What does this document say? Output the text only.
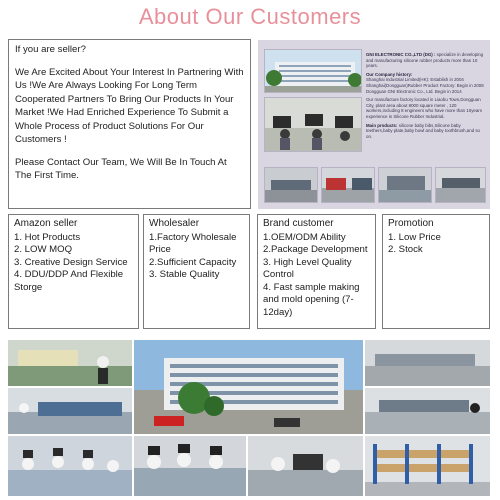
About Our Customers

If you are seller?

We Are Excited About Your Interest In Partnering With Us !We Are Always Looking For Long Term Cooperated Partners To Bring Our Products In Your Market !We Had Enriched Experience To Submit a Whole Process of Product Solutions For Our Customers !

Please Contact Our Team, We Will Be In Touch At The First Time.

GNI ELECTRONIC CO.,LTD (DG) : specialize in developing and manufacturing silicone rubber products more than 10 years.
Our Company history:
Shanghai Industrial Limited(HK): Establish in 2004
Shanghai(Dongguan)Rubber Product Factory: Begin in 2008
Dongguan GNI Electronic Co., Ltd. Begin in 2014
Our manufacture factory located in Liaobu Town,Dongguan City, plant area about 8000 square meter , 120 workers,including 8 engineers who have more than 10years experience in Silicone Rubber Industrial.
Main products: silicone baby bibs,Silicone baby teethers,baby plate,baby bowl and baby toothbrush,and so on.
Amazon seller
1. Hot Products
2. LOW MOQ
3. Creative Design Service
4. DDU/DDP And Flexible Storge
Wholesaler
1.Factory Wholesale Price
2.Sufficient Capacity
3. Stable Quality
Brand customer
1.OEM/ODM Ability
2.Package Development
3. High Level Quality Control
4. Fast sample making and mold opening (7-12day)
Promotion
1. Low Price
2. Stock
